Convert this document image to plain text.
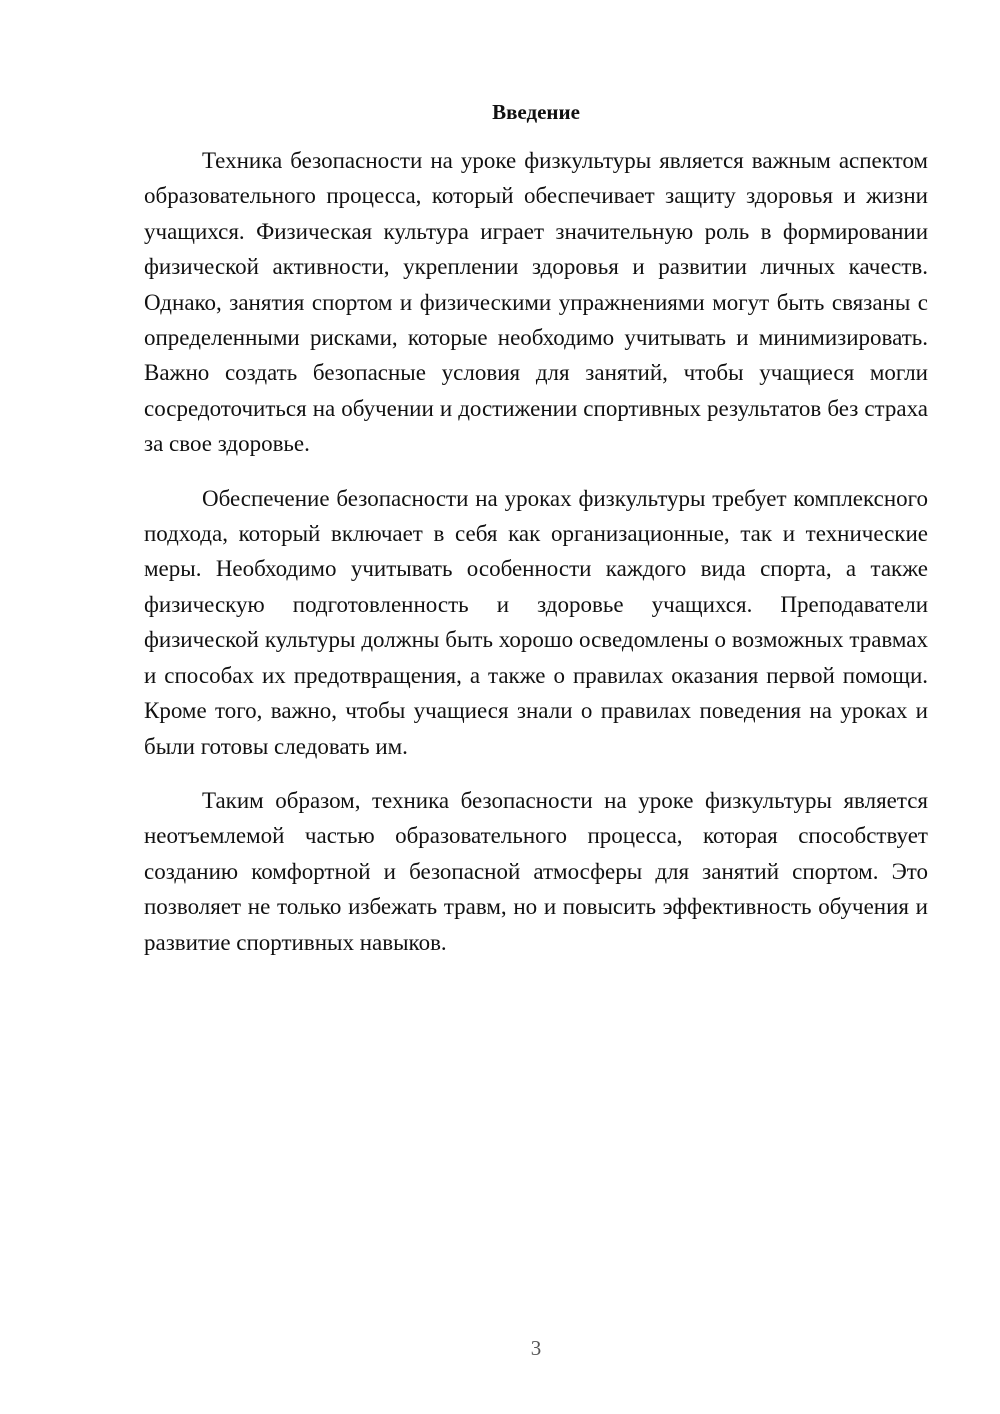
Введение

Техника безопасности на уроке физкультуры является важным аспектом образовательного процесса, который обеспечивает защиту здоровья и жизни учащихся. Физическая культура играет значительную роль в формировании физической активности, укреплении здоровья и развитии личных качеств. Однако, занятия спортом и физическими упражнениями могут быть связаны с определенными рисками, которые необходимо учитывать и минимизировать. Важно создать безопасные условия для занятий, чтобы учащиеся могли сосредоточиться на обучении и достижении спортивных результатов без страха за свое здоровье.

Обеспечение безопасности на уроках физкультуры требует комплексного подхода, который включает в себя как организационные, так и технические меры. Необходимо учитывать особенности каждого вида спорта, а также физическую подготовленность и здоровье учащихся. Преподаватели физической культуры должны быть хорошо осведомлены о возможных травмах и способах их предотвращения, а также о правилах оказания первой помощи. Кроме того, важно, чтобы учащиеся знали о правилах поведения на уроках и были готовы следовать им.

Таким образом, техника безопасности на уроке физкультуры является неотъемлемой частью образовательного процесса, которая способствует созданию комфортной и безопасной атмосферы для занятий спортом. Это позволяет не только избежать травм, но и повысить эффективность обучения и развитие спортивных навыков.

3
